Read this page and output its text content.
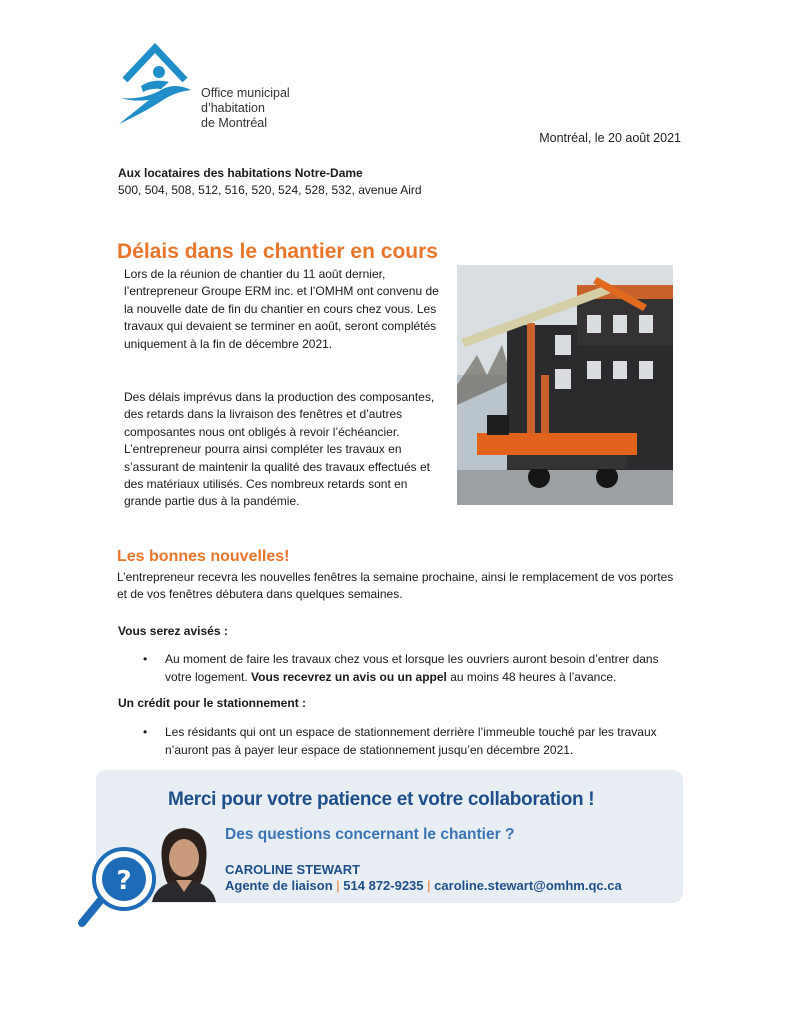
Office municipal
d’habitation
de Montréal
Montréal, le 20 août 2021
Aux locataires des habitations Notre-Dame
500, 504, 508, 512, 516, 520, 524, 528, 532, avenue Aird
Délais dans le chantier en cours

Lors de la réunion de chantier du 11 août dernier, l’entrepreneur Groupe ERM inc. et l’OMHM ont convenu de la nouvelle date de fin du chantier en cours chez vous. Les travaux qui devaient se terminer en août, seront complétés uniquement à la fin de décembre 2021.

Des délais imprévus dans la production des composantes, des retards dans la livraison des fenêtres et d’autres composantes nous ont obligés à revoir l’échéancier. L’entrepreneur pourra ainsi compléter les travaux en s’assurant de maintenir la qualité des travaux effectués et des matériaux utilisés. Ces nombreux retards sont en grande partie dus à la pandémie.

Les bonnes nouvelles!

L’entrepreneur recevra les nouvelles fenêtres la semaine prochaine, ainsi le remplacement de vos portes et de vos fenêtres débutera dans quelques semaines.

Vous serez avisés :
• Au moment de faire les travaux chez vous et lorsque les ouvriers auront besoin d’entrer dans votre logement. Vous recevrez un avis ou un appel au moins 48 heures à l’avance.
Un crédit pour le stationnement :
• Les résidants qui ont un espace de stationnement derrière l’immeuble touché par les travaux n’auront pas à payer leur espace de stationnement jusqu’en décembre 2021.
Merci pour votre patience et votre collaboration !
Des questions concernant le chantier ?
?	CAROLINE STEWART
Agente de liaison | 514 872-9235 | caroline.stewart@omhm.qc.ca
